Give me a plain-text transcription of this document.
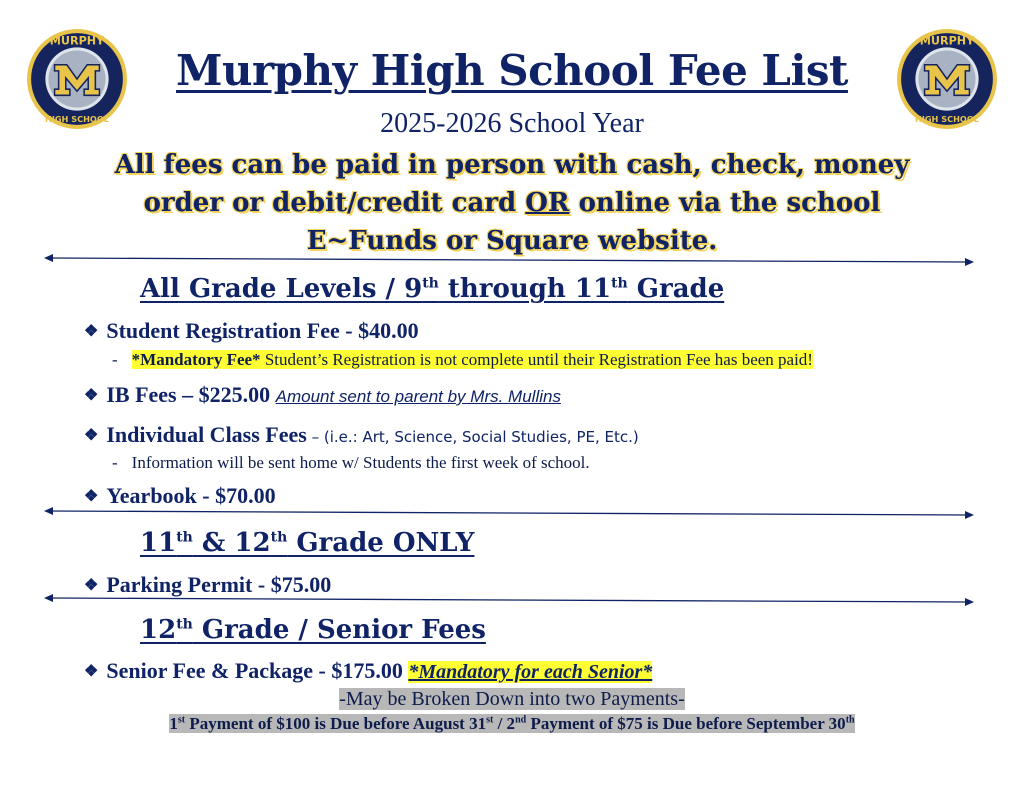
MURPHY
HIGH SCHOOL
MURPHY
HIGH SCHOOL
Murphy High School Fee List
2025-2026 School Year
All fees can be paid in person with cash, check, money
order or debit/credit card OR online via the school
E~Funds or Square website.
All Grade Levels / 9th through 11th Grade
❖ Student Registration Fee - $40.00
- *Mandatory Fee* Student’s Registration is not complete until their Registration Fee has been paid!
❖ IB Fees – $225.00 Amount sent to parent by Mrs. Mullins
❖ Individual Class Fees – (i.e.: Art, Science, Social Studies, PE, Etc.)
- Information will be sent home w/ Students the first week of school.
❖ Yearbook - $70.00
11th & 12th Grade ONLY
❖ Parking Permit - $75.00
12th Grade / Senior Fees
❖ Senior Fee & Package - $175.00 *Mandatory for each Senior*
-May be Broken Down into two Payments-
1st Payment of $100 is Due before August 31st / 2nd Payment of $75 is Due before September 30th
